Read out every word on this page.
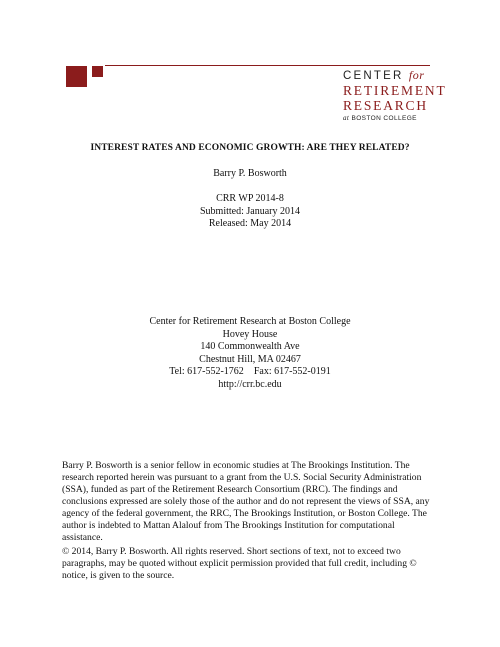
CENTER for
RETIREMENT
RESEARCH
at BOSTON COLLEGE
INTEREST RATES AND ECONOMIC GROWTH: ARE THEY RELATED?
Barry P. Bosworth
CRR WP 2014-8
Submitted: January 2014
Released: May 2014
Center for Retirement Research at Boston College
Hovey House
140 Commonwealth Ave
Chestnut Hill, MA 02467
Tel: 617-552-1762 Fax: 617-552-0191
http://crr.bc.edu
Barry P. Bosworth is a senior fellow in economic studies at The Brookings Institution. The
research reported herein was pursuant to a grant from the U.S. Social Security Administration
(SSA), funded as part of the Retirement Research Consortium (RRC). The findings and
conclusions expressed are solely those of the author and do not represent the views of SSA, any
agency of the federal government, the RRC, The Brookings Institution, or Boston College. The
author is indebted to Mattan Alalouf from The Brookings Institution for computational
assistance.
© 2014, Barry P. Bosworth. All rights reserved. Short sections of text, not to exceed two
paragraphs, may be quoted without explicit permission provided that full credit, including ©
notice, is given to the source.
